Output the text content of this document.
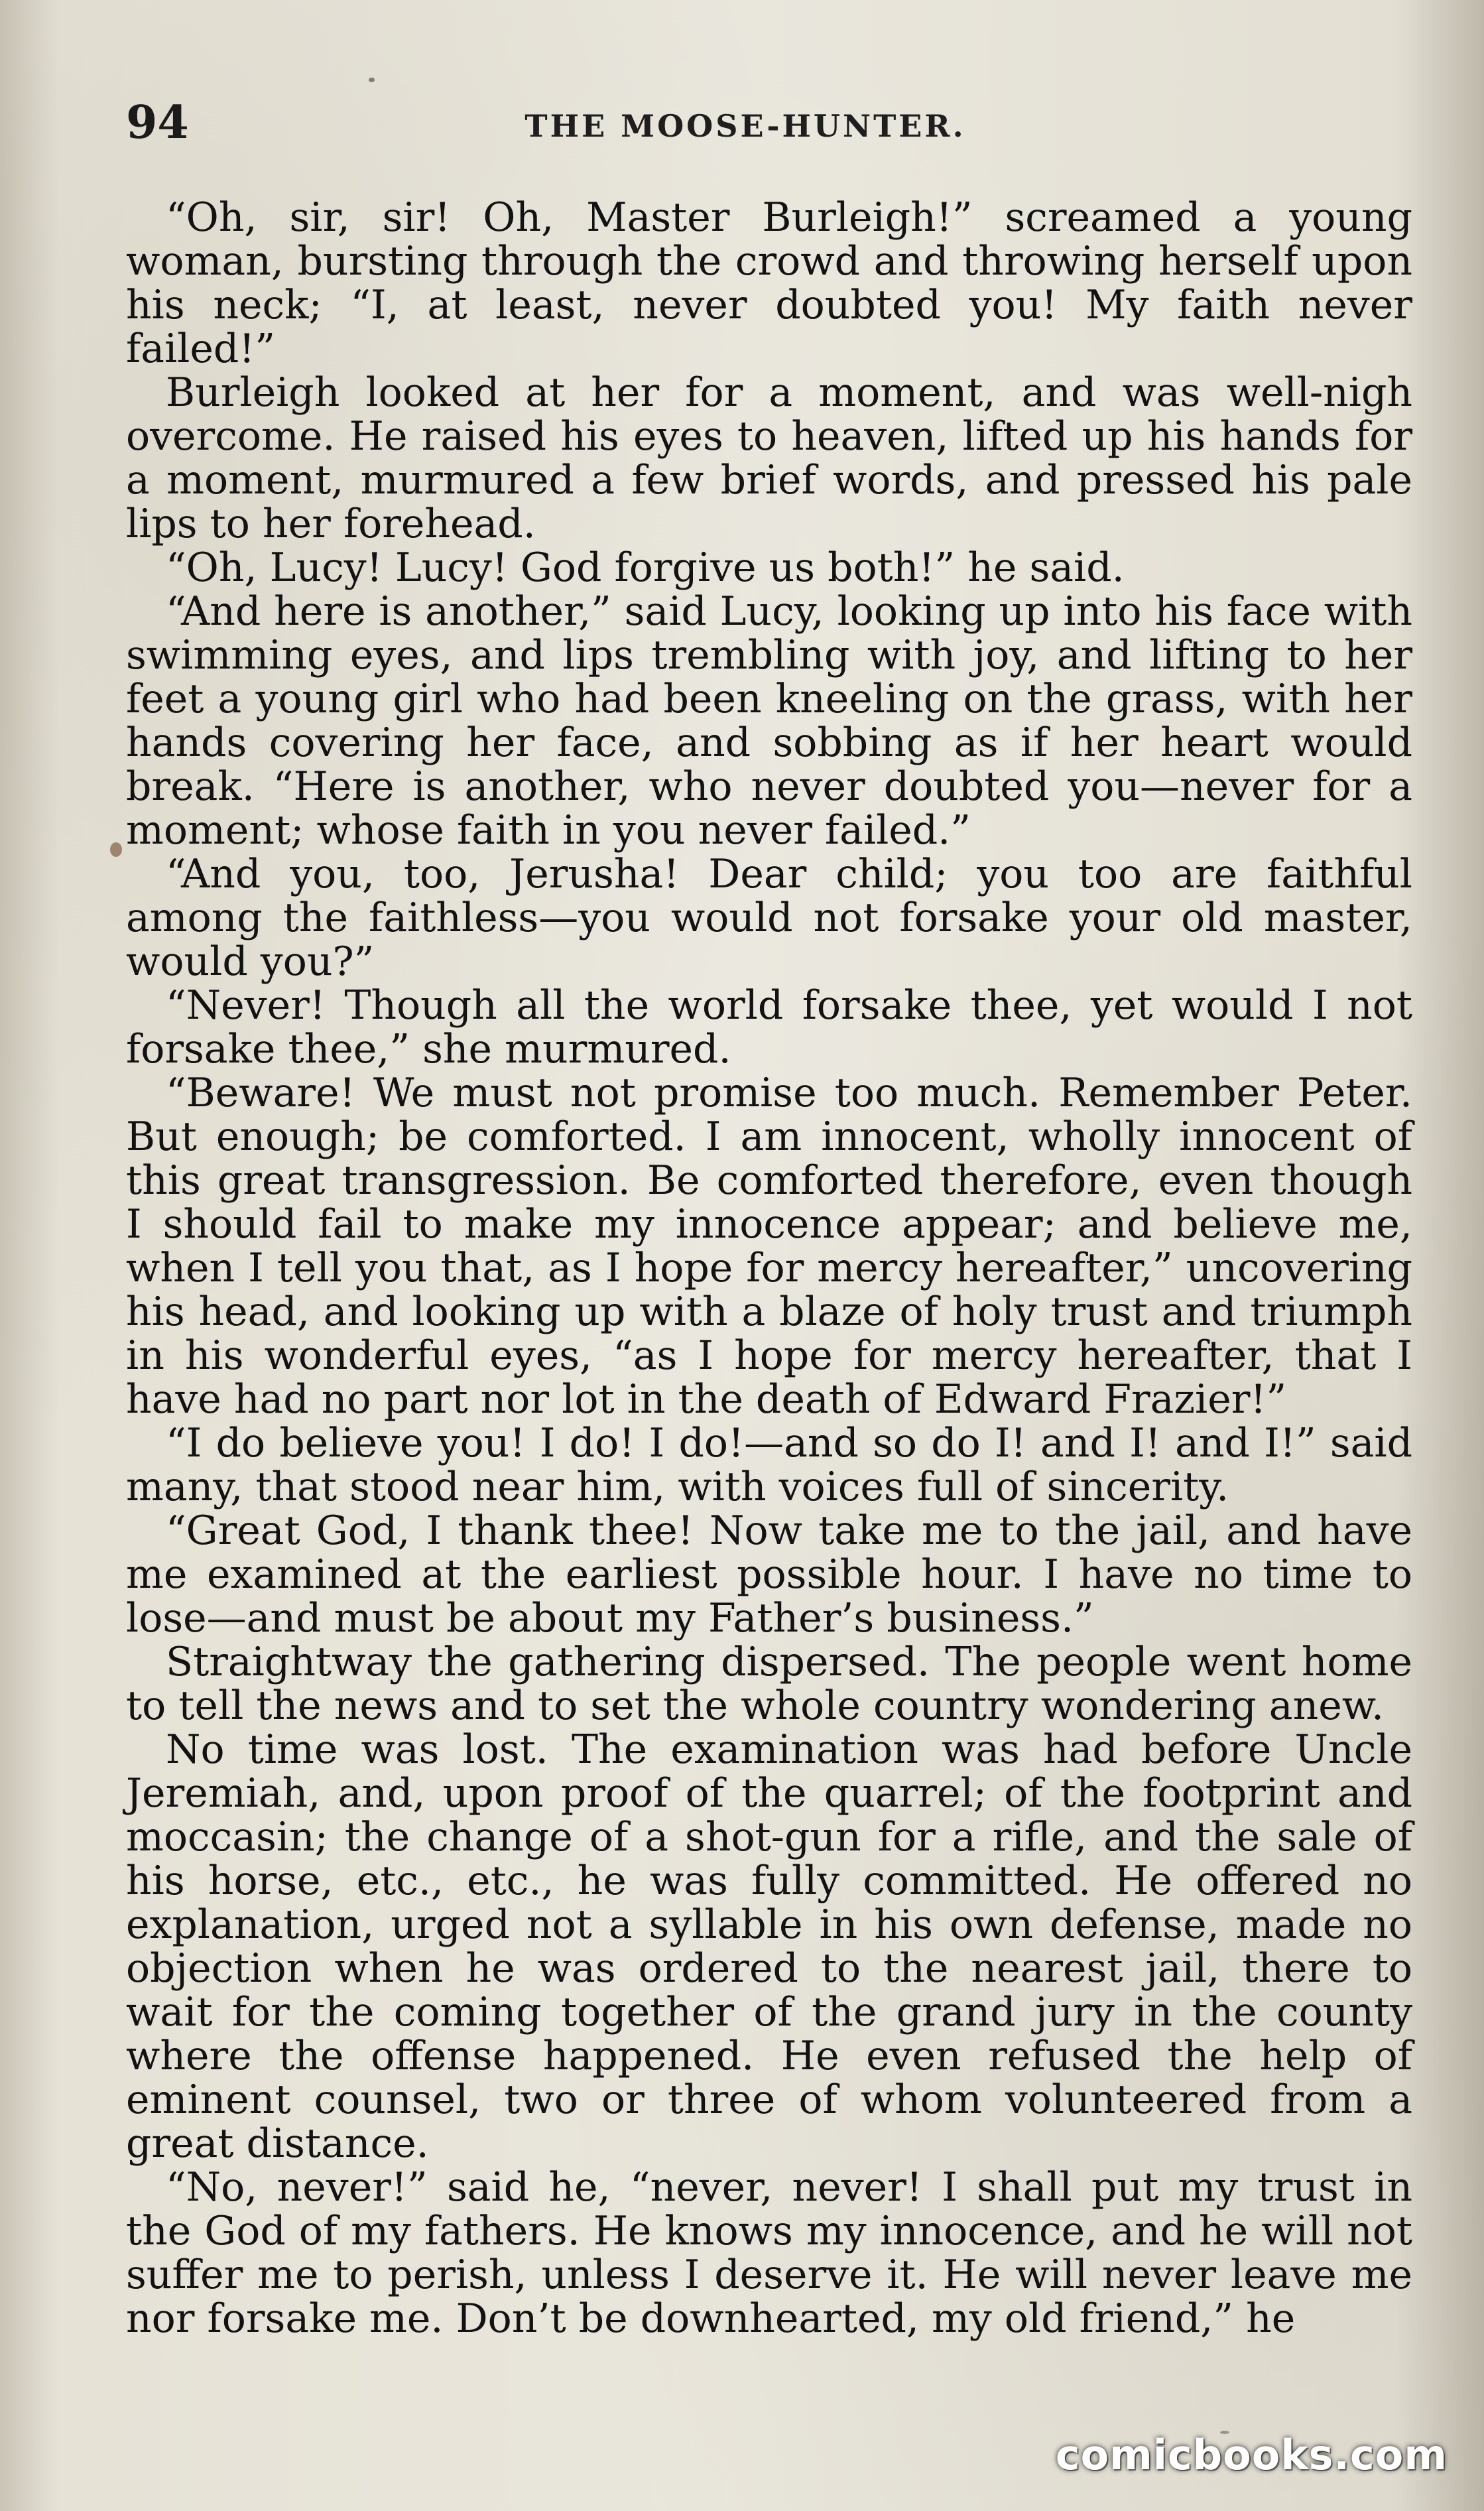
94	THE MOOSE-HUNTER.

“Oh, sir, sir! Oh, Master Burleigh!” screamed a young woman, bursting through the crowd and throwing herself upon his neck; “I, at least, never doubted you! My faith never failed!”

Burleigh looked at her for a moment, and was well-nigh overcome. He raised his eyes to heaven, lifted up his hands for a moment, murmured a few brief words, and pressed his pale lips to her forehead.

“Oh, Lucy! Lucy! God forgive us both!” he said.

“And here is another,” said Lucy, looking up into his face with swimming eyes, and lips trembling with joy, and lifting to her feet a young girl who had been kneeling on the grass, with her hands covering her face, and sobbing as if her heart would break. “Here is another, who never doubted you—never for a moment; whose faith in you never failed.”

“And you, too, Jerusha! Dear child; you too are faithful among the faithless—you would not forsake your old master, would you?”

“Never! Though all the world forsake thee, yet would I not forsake thee,” she murmured.

“Beware! We must not promise too much. Remember Peter. But enough; be comforted. I am innocent, wholly innocent of this great transgression. Be comforted therefore, even though I should fail to make my innocence appear; and believe me, when I tell you that, as I hope for mercy hereafter,” uncovering his head, and looking up with a blaze of holy trust and triumph in his wonderful eyes, “as I hope for mercy hereafter, that I have had no part nor lot in the death of Edward Frazier!”

“I do believe you! I do! I do!—and so do I! and I! and I!” said many, that stood near him, with voices full of sincerity.

“Great God, I thank thee! Now take me to the jail, and have me examined at the earliest possible hour. I have no time to lose—and must be about my Father’s business.”

Straightway the gathering dispersed. The people went home to tell the news and to set the whole country wondering anew.

No time was lost. The examination was had before Uncle Jeremiah, and, upon proof of the quarrel; of the footprint and moccasin; the change of a shot-gun for a rifle, and the sale of his horse, etc., etc., he was fully committed. He offered no explanation, urged not a syllable in his own defense, made no objection when he was ordered to the nearest jail, there to wait for the coming together of the grand jury in the county where the offense happened. He even refused the help of eminent counsel, two or three of whom volunteered from a great distance.

“No, never!” said he, “never, never! I shall put my trust in the God of my fathers. He knows my innocence, and he will not suffer me to perish, unless I deserve it. He will never leave me nor forsake me. Don’t be downhearted, my old friend,” he

comicbooks.com
